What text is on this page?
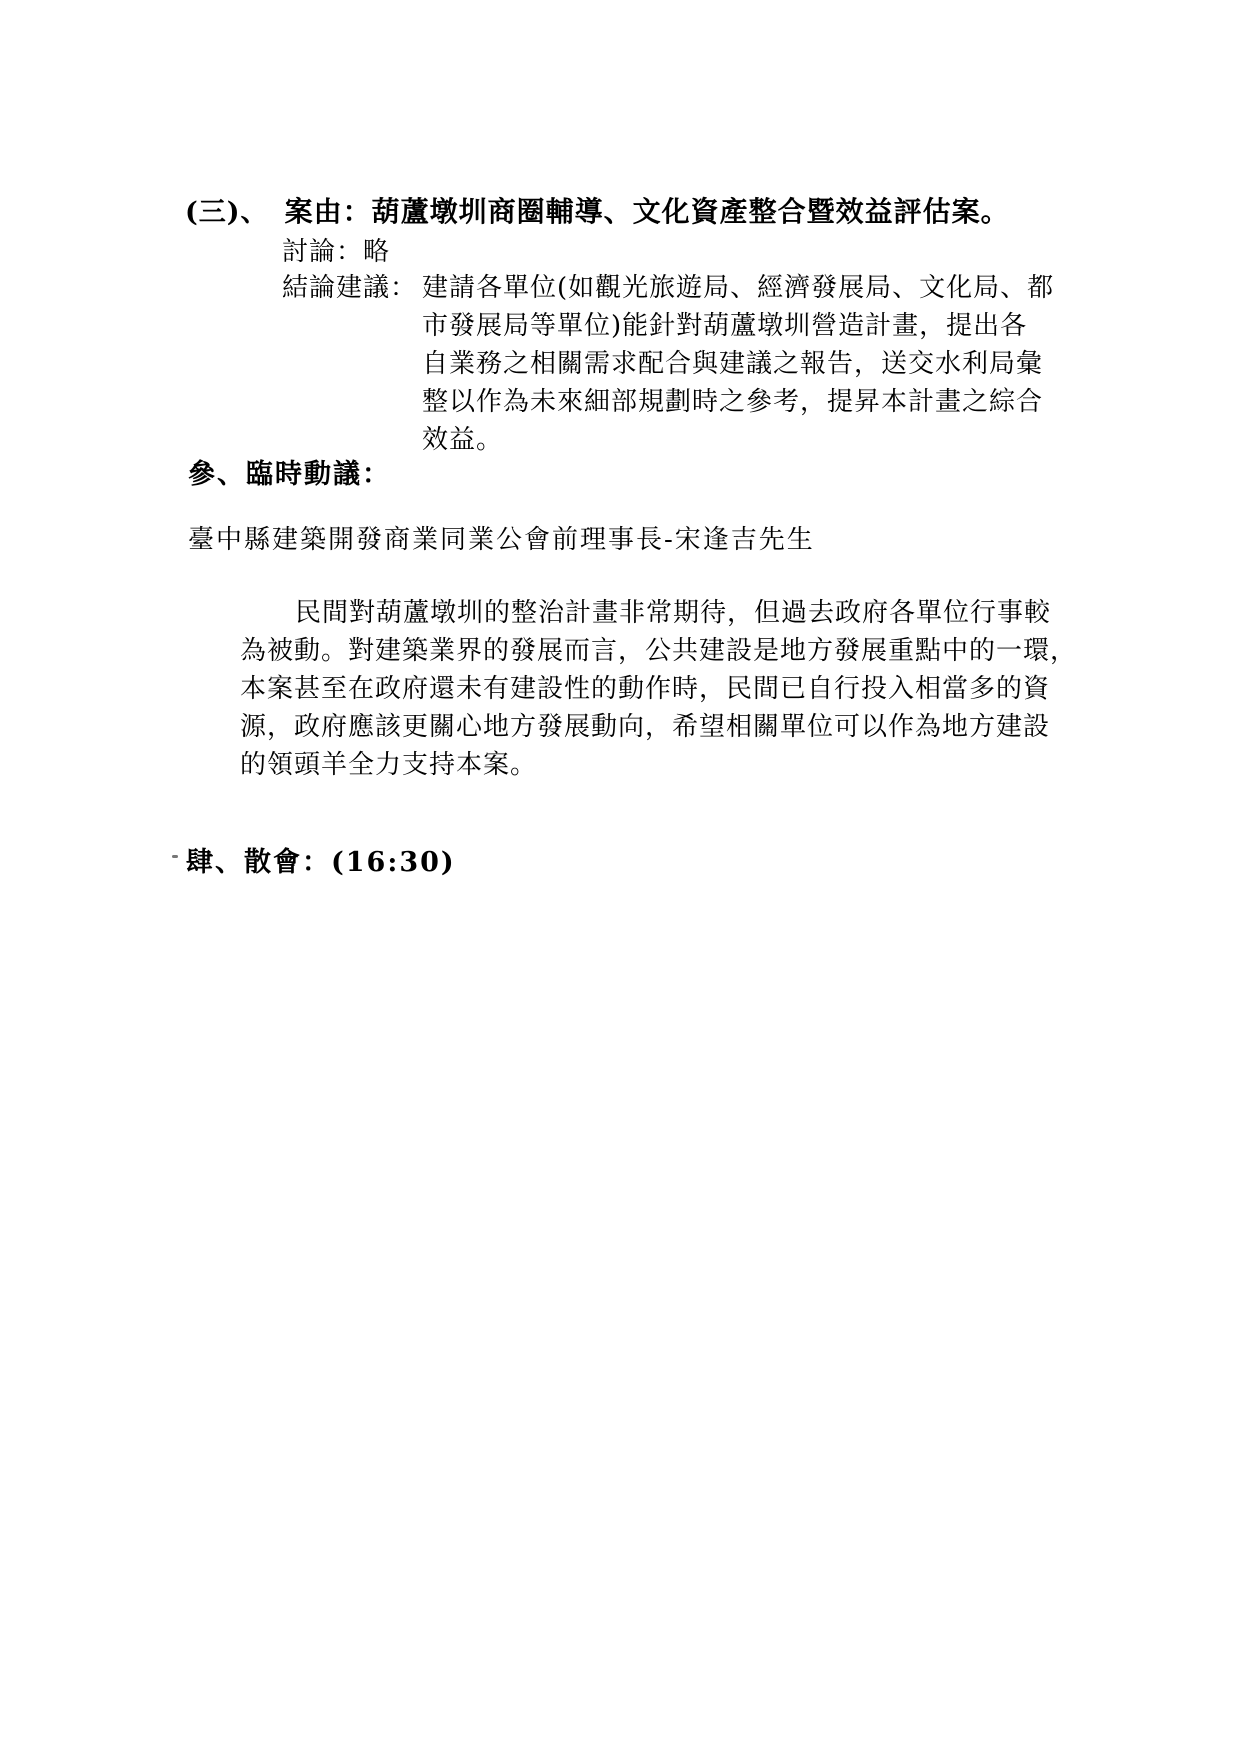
(三)、 案由：葫蘆墩圳商圈輔導、文化資產整合暨效益評估案。
討論：略
結論建議： 建請各單位(如觀光旅遊局、經濟發展局、文化局、都
市發展局等單位)能針對葫蘆墩圳營造計畫，提出各
自業務之相關需求配合與建議之報告，送交水利局彙
整以作為未來細部規劃時之參考，提昇本計畫之綜合
效益。
參、臨時動議：
臺中縣建築開發商業同業公會前理事長-宋逢吉先生
民間對葫蘆墩圳的整治計畫非常期待，但過去政府各單位行事較
為被動。對建築業界的發展而言，公共建設是地方發展重點中的一環，
本案甚至在政府還未有建設性的動作時，民間已自行投入相當多的資
源，政府應該更關心地方發展動向，希望相關單位可以作為地方建設
的領頭羊全力支持本案。
肆、散會：(16:30)
